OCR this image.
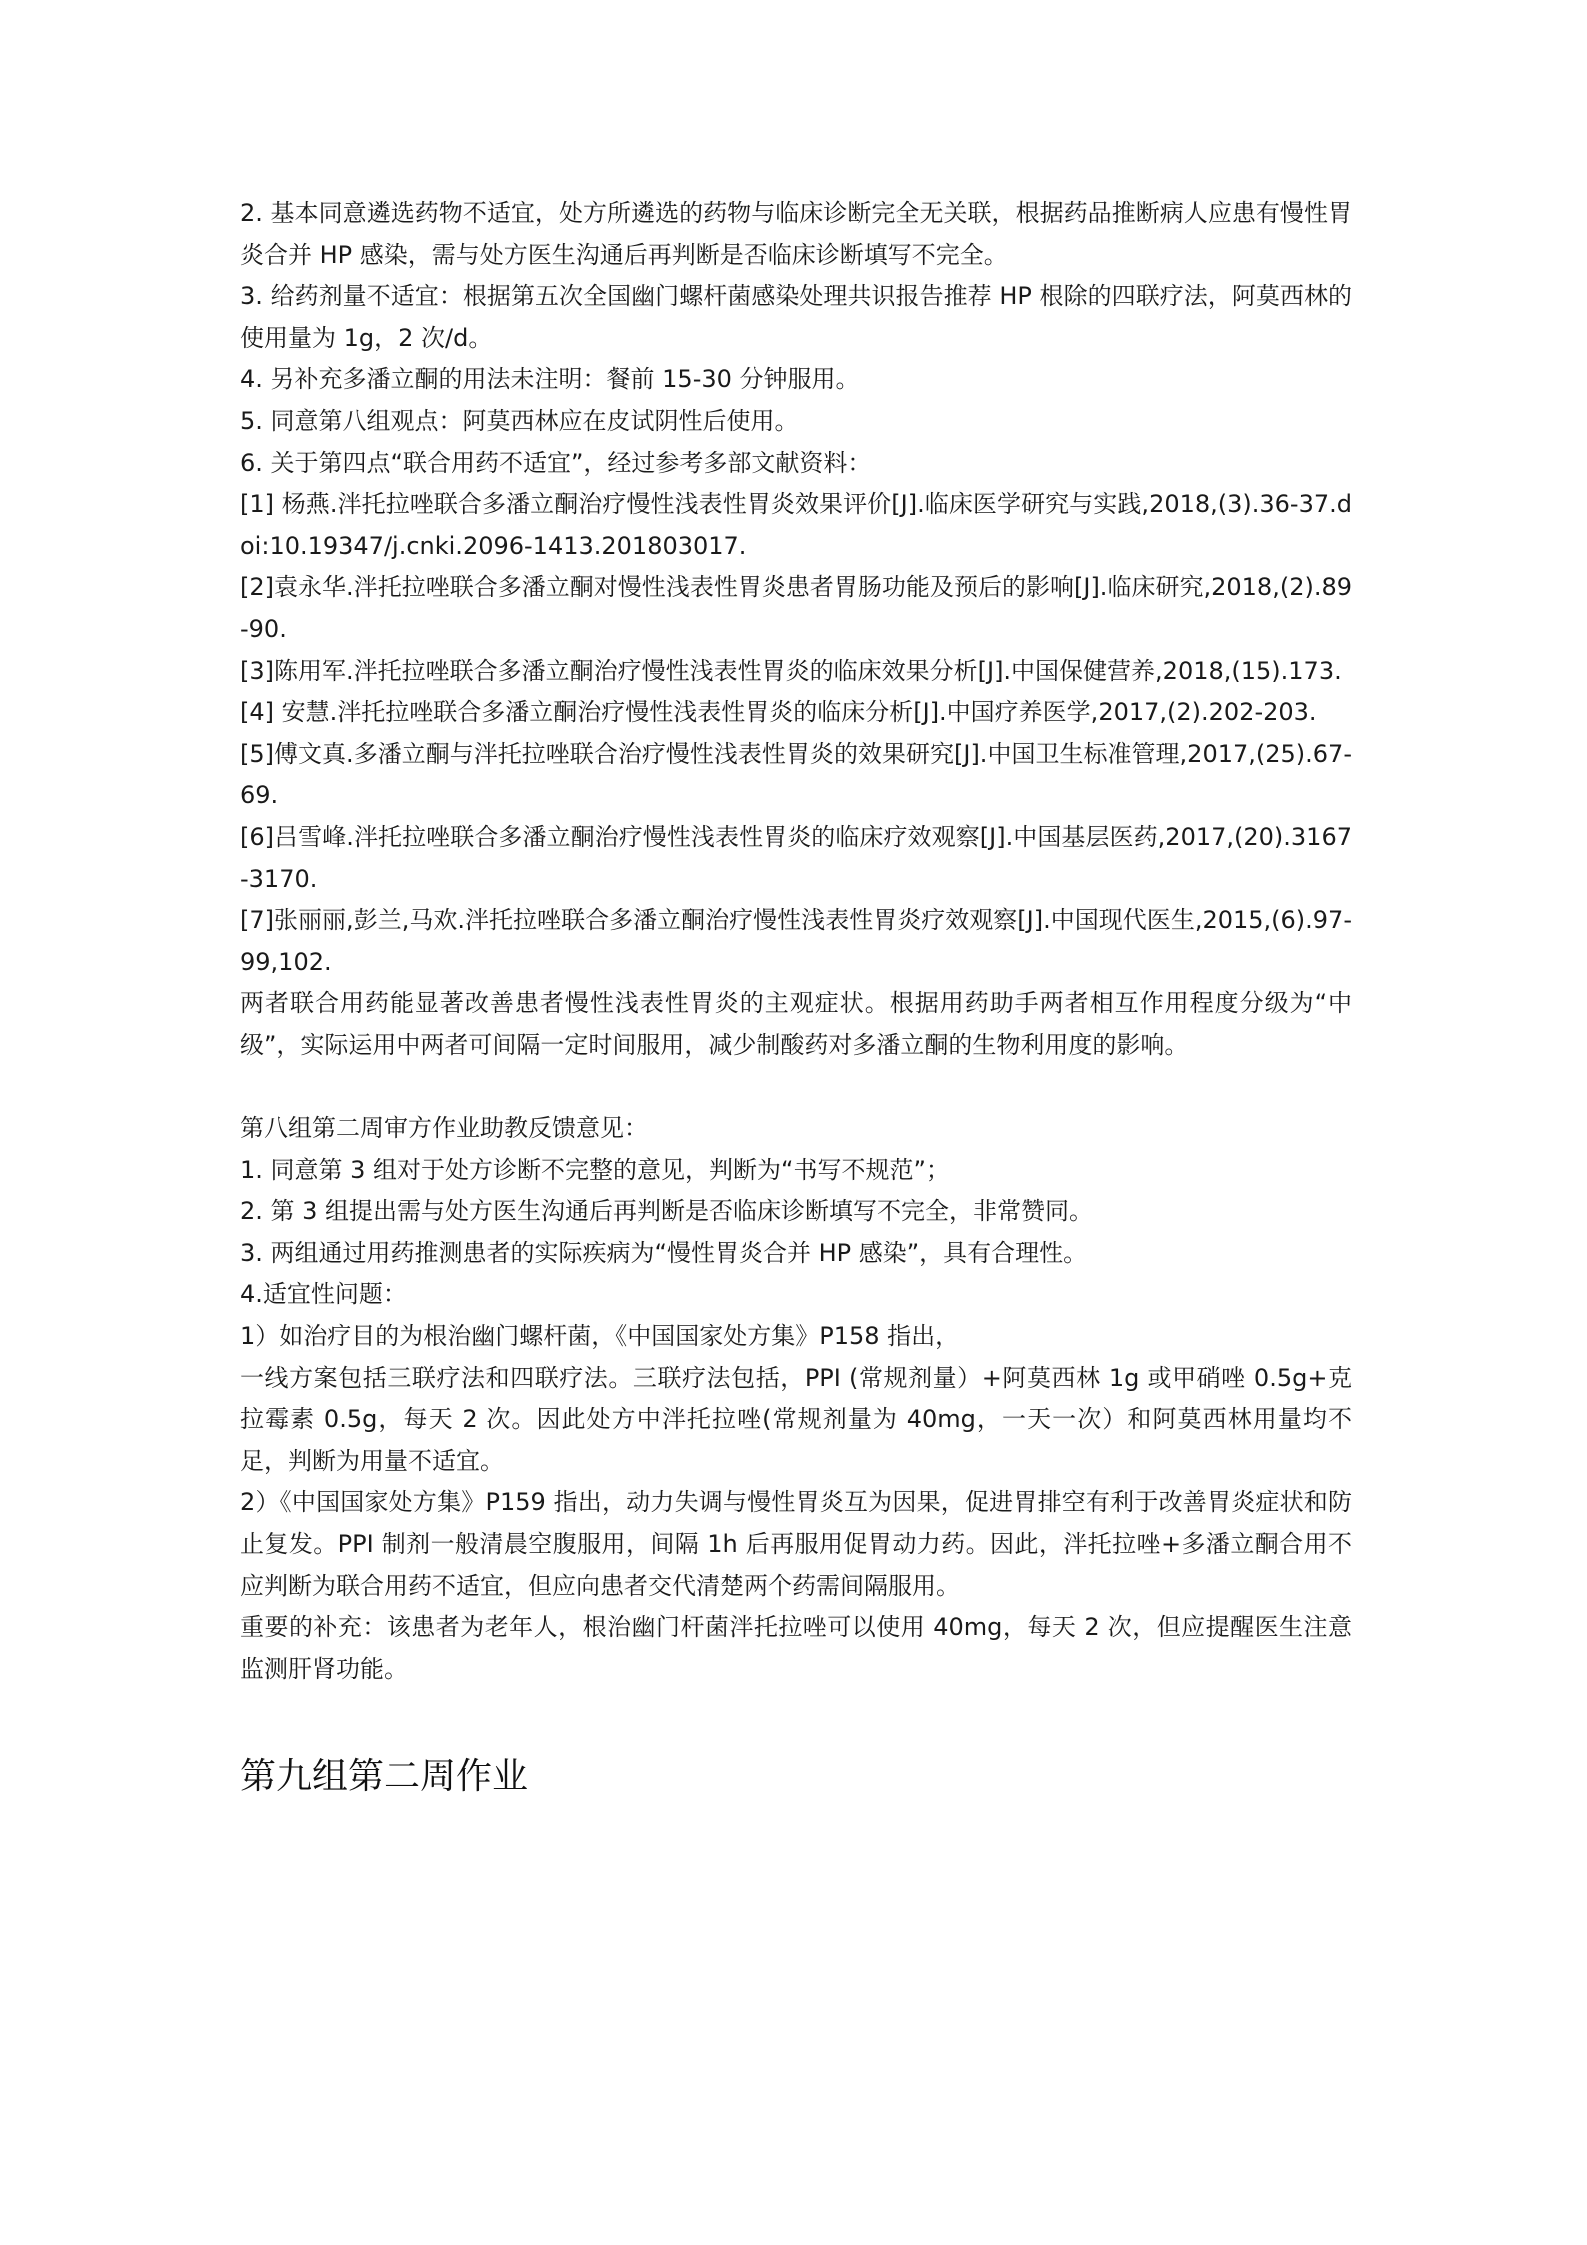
2. 基本同意遴选药物不适宜，处方所遴选的药物与临床诊断完全无关联，根据药品推断病人应患有慢性胃炎合并 HP 感染，需与处方医生沟通后再判断是否临床诊断填写不完全。

3. 给药剂量不适宜：根据第五次全国幽门螺杆菌感染处理共识报告推荐 HP 根除的四联疗法，阿莫西林的使用量为 1g，2 次/d。

4. 另补充多潘立酮的用法未注明：餐前 15-30 分钟服用。

5. 同意第八组观点：阿莫西林应在皮试阴性后使用。

6. 关于第四点“联合用药不适宜”，经过参考多部文献资料：

[1] 杨燕.泮托拉唑联合多潘立酮治疗慢性浅表性胃炎效果评价[J].临床医学研究与实践,2018,(3).36-37.doi:10.19347/j.cnki.2096-1413.201803017.

[2]袁永华.泮托拉唑联合多潘立酮对慢性浅表性胃炎患者胃肠功能及预后的影响[J].临床研究,2018,(2).89-90.

[3]陈用军.泮托拉唑联合多潘立酮治疗慢性浅表性胃炎的临床效果分析[J].中国保健营养,2018,(15).173.

[4] 安慧.泮托拉唑联合多潘立酮治疗慢性浅表性胃炎的临床分析[J].中国疗养医学,2017,(2).202-203.

[5]傅文真.多潘立酮与泮托拉唑联合治疗慢性浅表性胃炎的效果研究[J].中国卫生标准管理,2017,(25).67-69.

[6]吕雪峰.泮托拉唑联合多潘立酮治疗慢性浅表性胃炎的临床疗效观察[J].中国基层医药,2017,(20).3167-3170.

[7]张丽丽,彭兰,马欢.泮托拉唑联合多潘立酮治疗慢性浅表性胃炎疗效观察[J].中国现代医生,2015,(6).97-99,102.

两者联合用药能显著改善患者慢性浅表性胃炎的主观症状。根据用药助手两者相互作用程度分级为“中级”，实际运用中两者可间隔一定时间服用，减少制酸药对多潘立酮的生物利用度的影响。

第八组第二周审方作业助教反馈意见：

1. 同意第 3 组对于处方诊断不完整的意见，判断为“书写不规范”；

2. 第 3 组提出需与处方医生沟通后再判断是否临床诊断填写不完全，非常赞同。

3. 两组通过用药推测患者的实际疾病为“慢性胃炎合并 HP 感染”，具有合理性。

4.适宜性问题：

1）如治疗目的为根治幽门螺杆菌，《中国国家处方集》P158 指出，

一线方案包括三联疗法和四联疗法。三联疗法包括，PPI (常规剂量）+阿莫西林 1g 或甲硝唑 0.5g+克拉霉素 0.5g，每天 2 次。因此处方中泮托拉唑(常规剂量为 40mg，一天一次）和阿莫西林用量均不足，判断为用量不适宜。

2）《中国国家处方集》P159 指出，动力失调与慢性胃炎互为因果，促进胃排空有利于改善胃炎症状和防止复发。PPI 制剂一般清晨空腹服用，间隔 1h 后再服用促胃动力药。因此，泮托拉唑+多潘立酮合用不应判断为联合用药不适宜，但应向患者交代清楚两个药需间隔服用。

重要的补充：该患者为老年人，根治幽门杆菌泮托拉唑可以使用 40mg，每天 2 次，但应提醒医生注意监测肝肾功能。

第九组第二周作业
